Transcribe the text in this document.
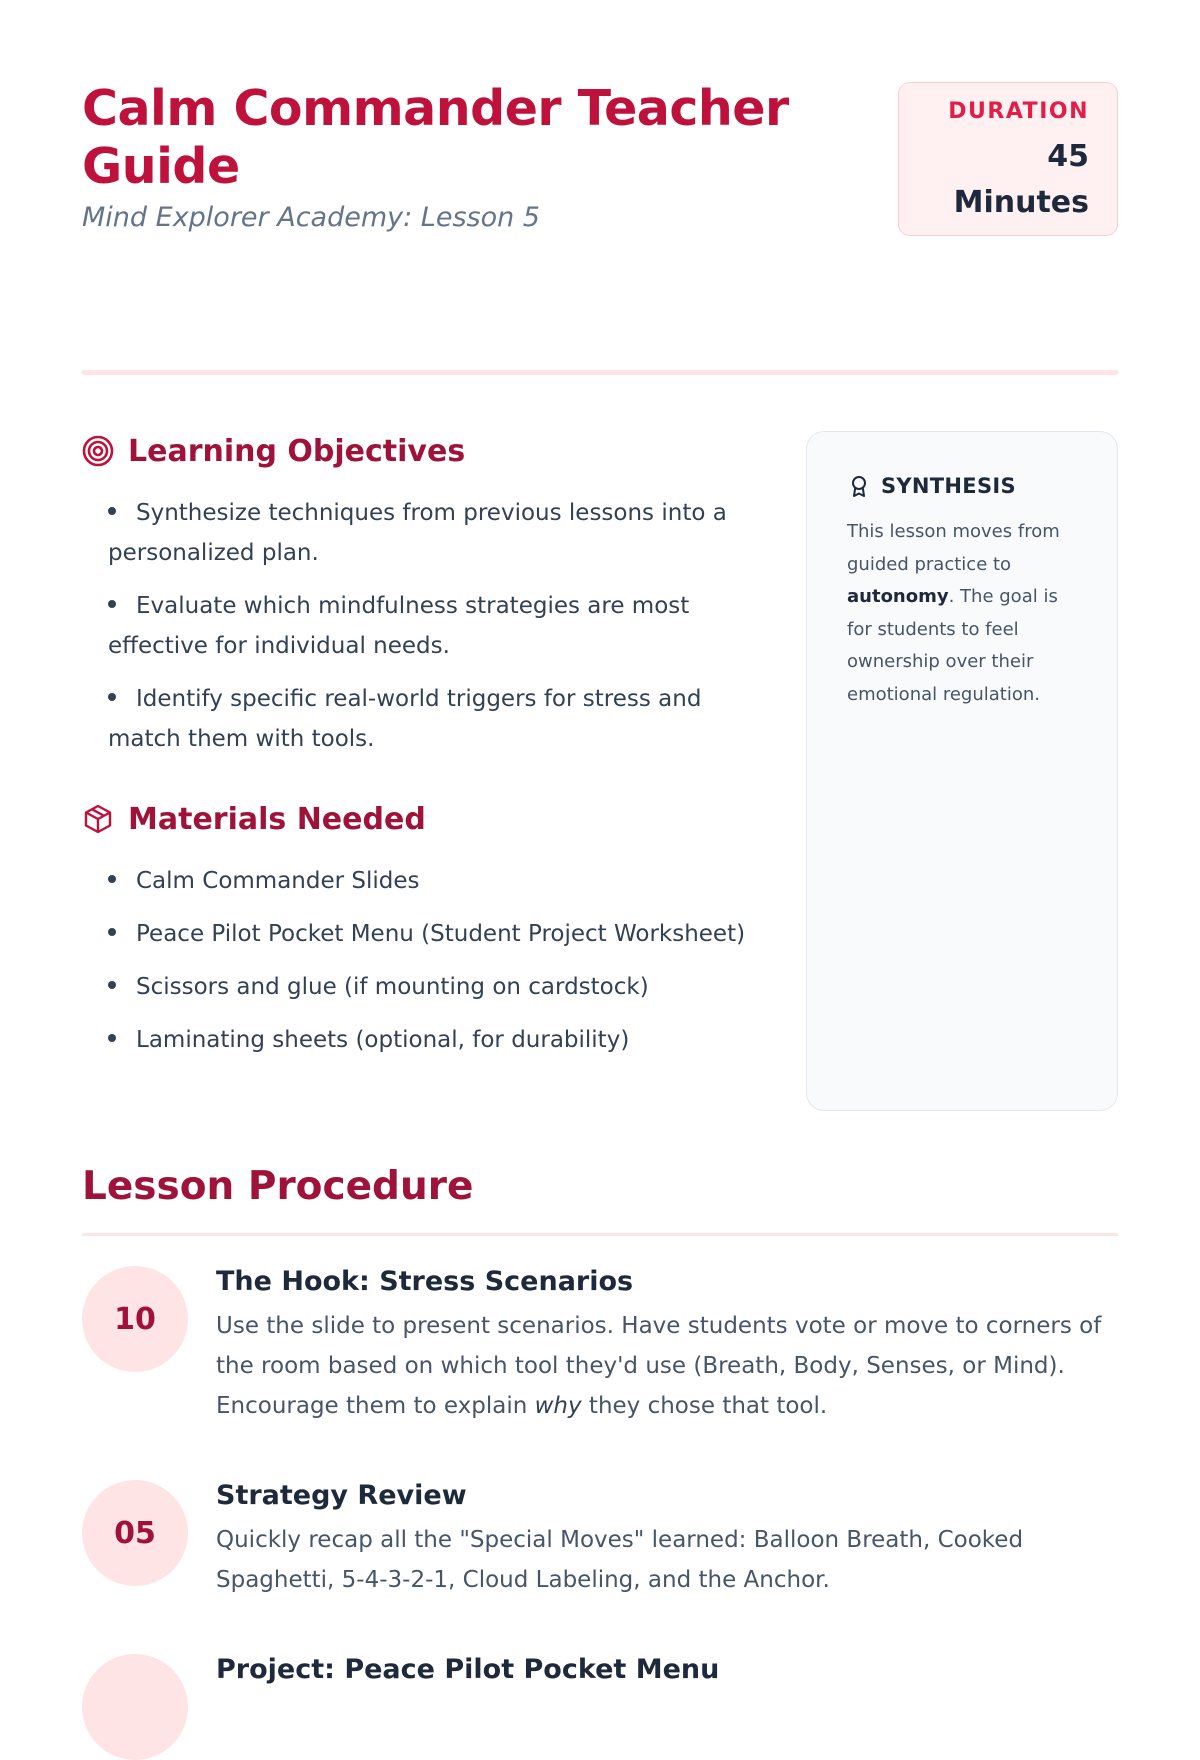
Calm Commander Teacher Guide
Mind Explorer Academy: Lesson 5
DURATION
45
Minutes
Learning Objectives
Synthesize techniques from previous lessons into a personalized plan.
Evaluate which mindfulness strategies are most effective for individual needs.
Identify specific real-world triggers for stress and match them with tools.
Materials Needed
Calm Commander Slides
Peace Pilot Pocket Menu (Student Project Worksheet)
Scissors and glue (if mounting on cardstock)
Laminating sheets (optional, for durability)
SYNTHESIS
This lesson moves from guided practice to autonomy. The goal is for students to feel ownership over their emotional regulation.
Lesson Procedure
10
The Hook: Stress Scenarios

Use the slide to present scenarios. Have students vote or move to corners of the room based on which tool they'd use (Breath, Body, Senses, or Mind). Encourage them to explain why they chose that tool.

05
Strategy Review

Quickly recap all the "Special Moves" learned: Balloon Breath, Cooked Spaghetti, 5-4-3-2-1, Cloud Labeling, and the Anchor.

Project: Peace Pilot Pocket Menu
